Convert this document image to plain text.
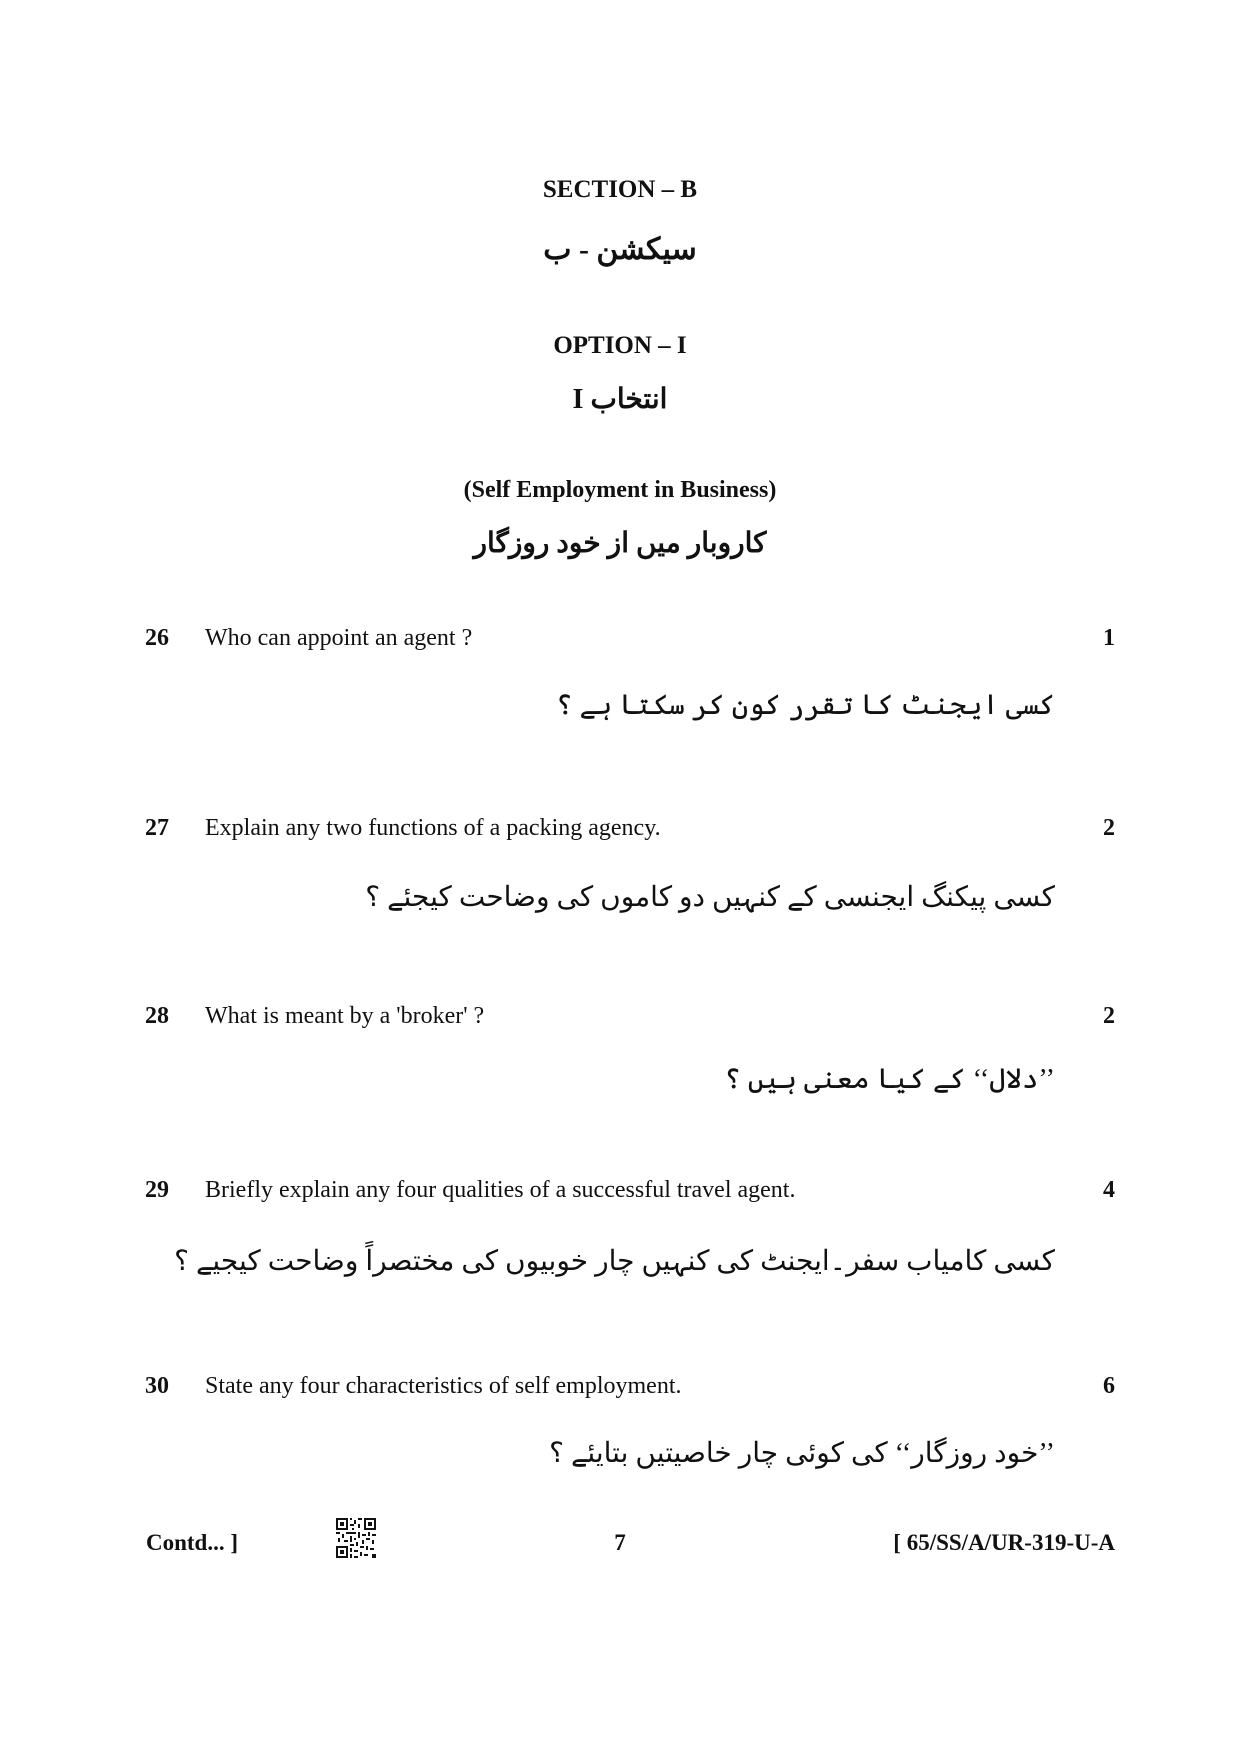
SECTION – B
سیکشن - ب
OPTION – I
انتخاب I
(Self Employment in Business)
کاروبار میں از خود روزگار
26 Who can appoint an agent ?	1
کسی ایجنٹ کا تقرر کون کر سکتا ہے ؟
27 Explain any two functions of a packing agency.	2
کسی پیکنگ ایجنسی کے کنہیں دو کاموں کی وضاحت کیجئے ؟
28 What is meant by a 'broker' ?	2
’’دلال‘‘ کے کیا معنی ہیں ؟
29 Briefly explain any four qualities of a successful travel agent.	4
کسی کامیاب سفر۔ایجنٹ کی کنہیں چار خوبیوں کی مختصراً وضاحت کیجیے ؟
30 State any four characteristics of self employment.	6
’’خود روزگار‘‘ کی کوئی چار خاصیتیں بتایئے ؟
Contd... ]	7	[ 65/SS/A/UR-319-U-A
